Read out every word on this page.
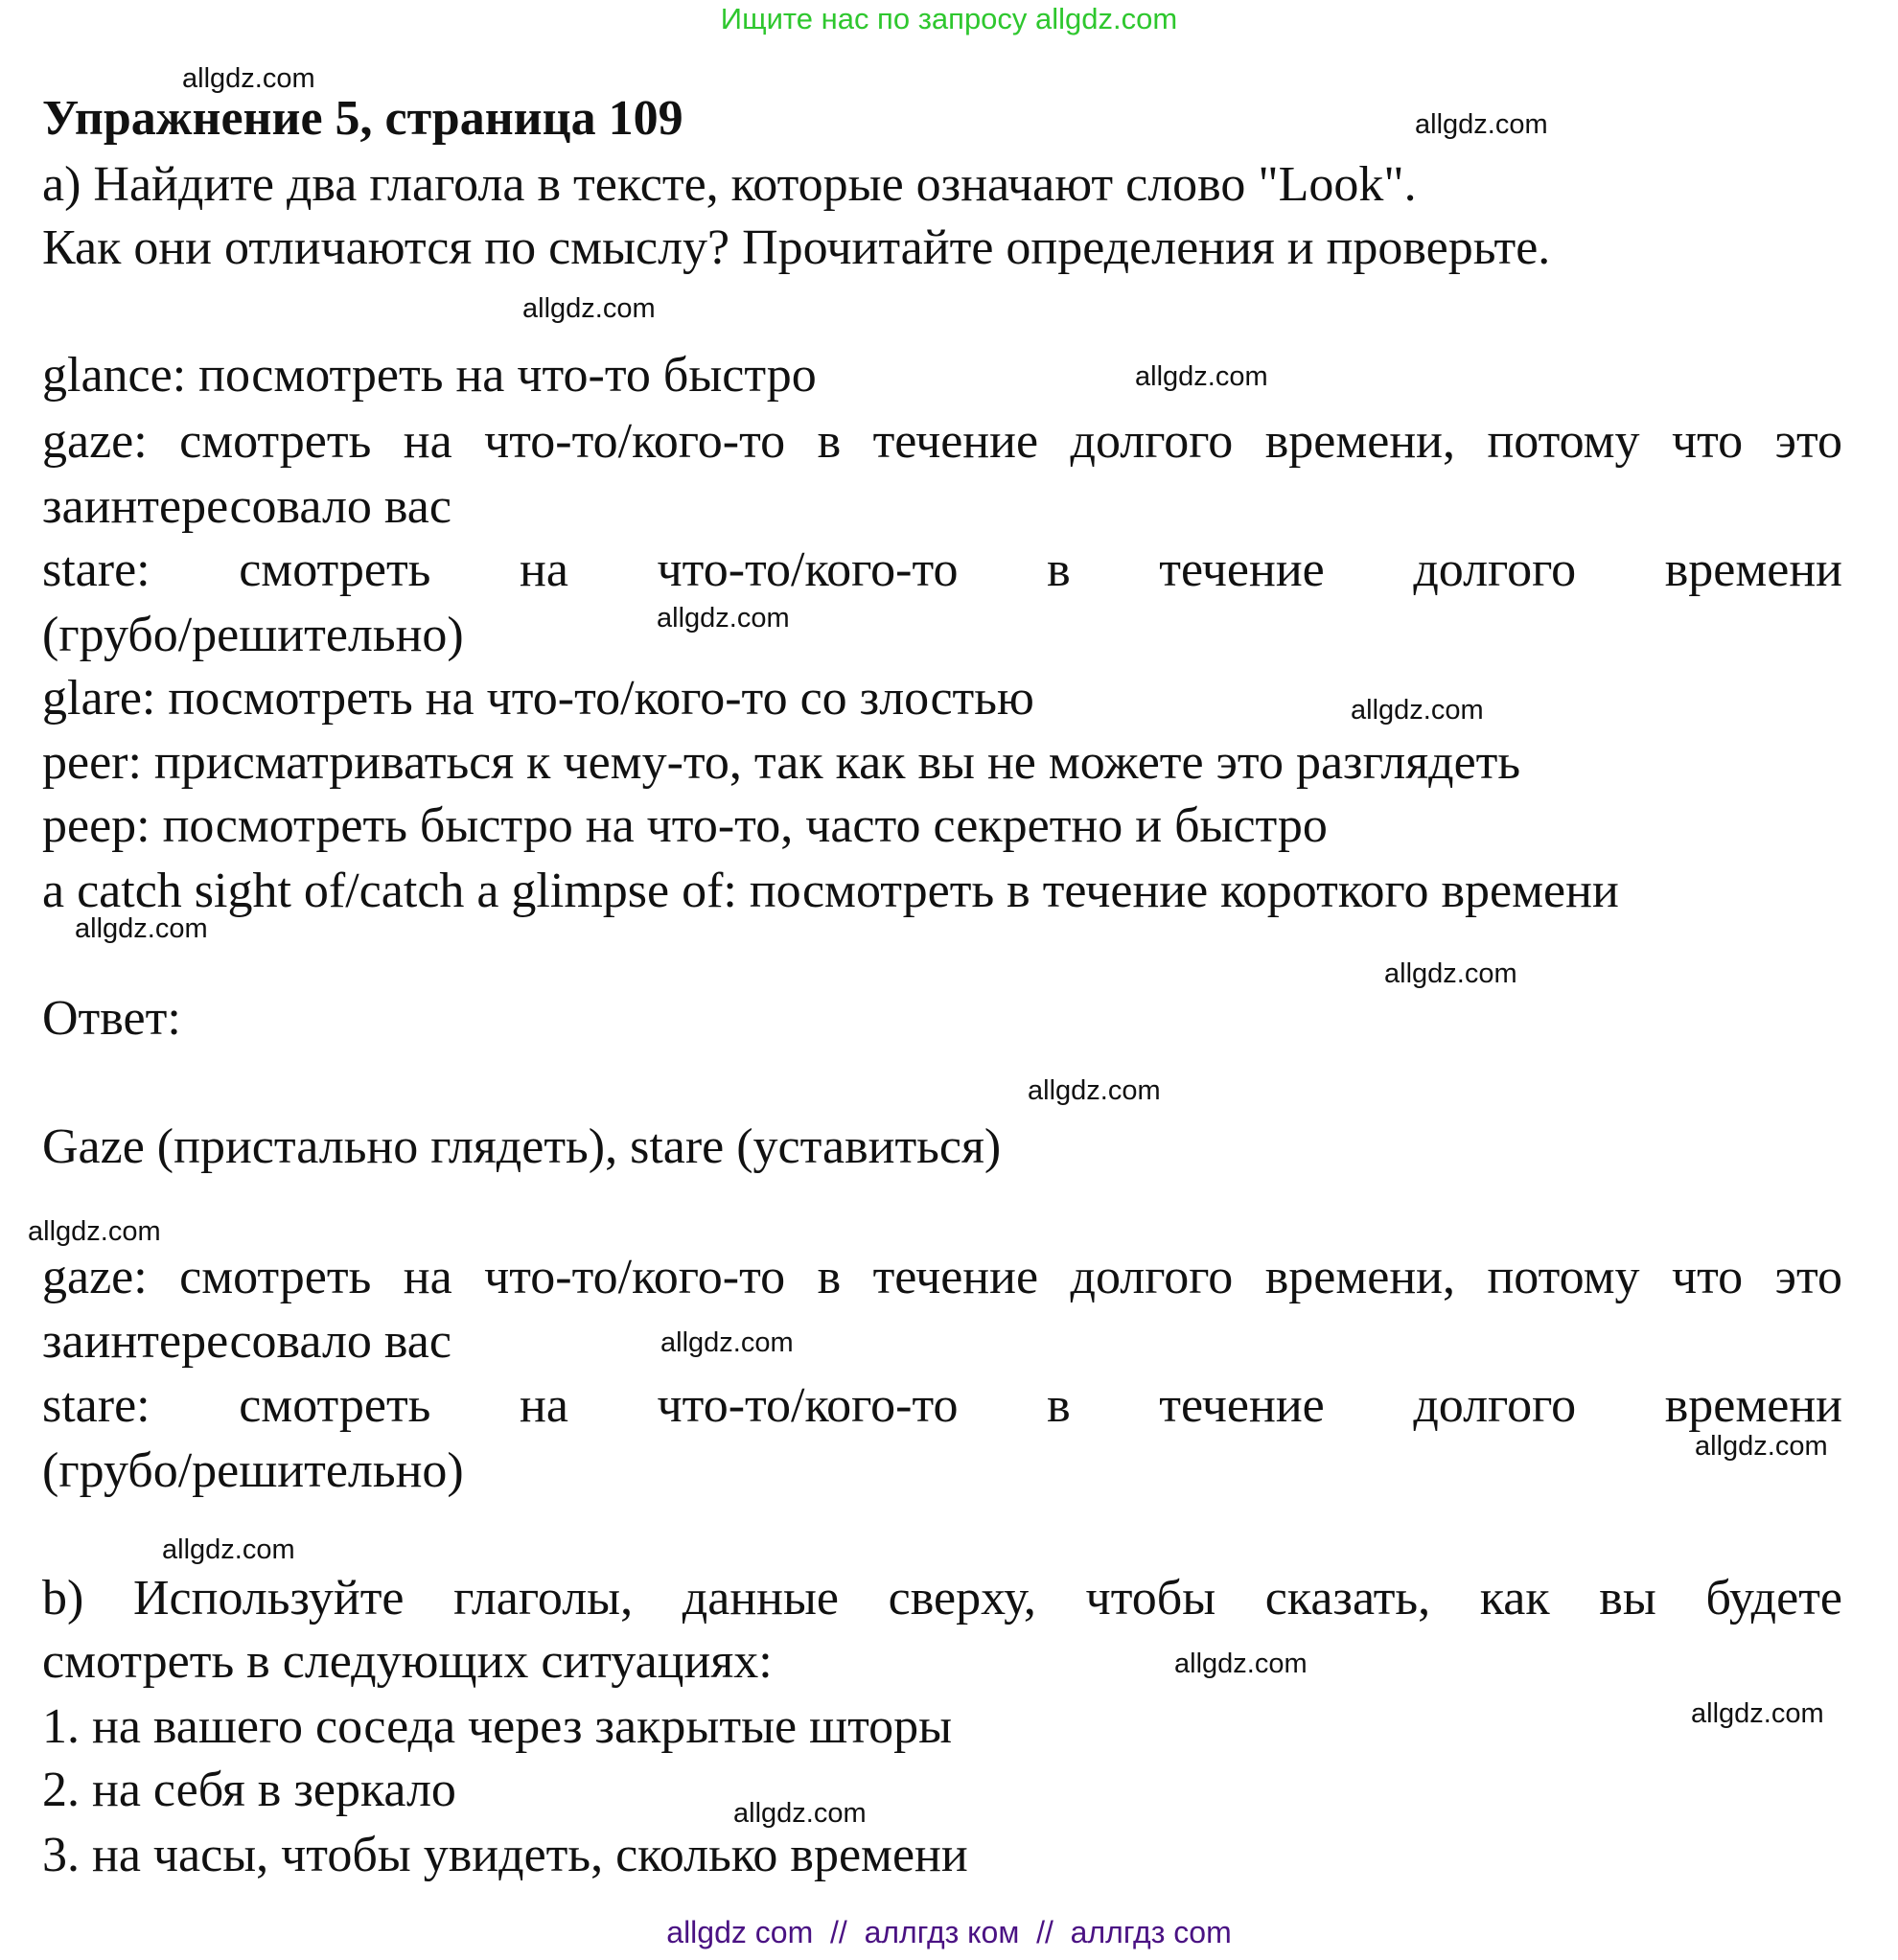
Ищите нас по запросу allgdz.com
Упражнение 5, страница 109
а) Найдите два глагола в тексте, которые означают слово "Look".
Как они отличаются по смыслу? Прочитайте определения и проверьте.
glance: посмотреть на что-то быстро
gaze: смотреть на что-то/кого-то в течение долгого времени, потому что это
заинтересовало вас
stare: смотреть на что-то/кого-то в течение долгого времени
(грубо/решительно)
glare: посмотреть на что-то/кого-то со злостью
peer: присматриваться к чему-то, так как вы не можете это разглядеть
peep: посмотреть быстро на что-то, часто секретно и быстро
a catch sight of/catch a glimpse of: посмотреть в течение короткого времени
Ответ:
Gaze (пристально глядеть), stare (уставиться)
gaze: смотреть на что-то/кого-то в течение долгого времени, потому что это
заинтересовало вас
stare: смотреть на что-то/кого-то в течение долгого времени
(грубо/решительно)
b) Используйте глаголы, данные сверху, чтобы сказать, как вы будете
смотреть в следующих ситуациях:
1. на вашего соседа через закрытые шторы
2. на себя в зеркало
3. на часы, чтобы увидеть, сколько времени
allgdz.com
allgdz.com
allgdz.com
allgdz.com
allgdz.com
allgdz.com
allgdz.com
allgdz.com
allgdz.com
allgdz.com
allgdz.com
allgdz.com
allgdz.com
allgdz.com
allgdz.com
allgdz.com
allgdz com  //  аллгдз ком  //  аллгдз com
